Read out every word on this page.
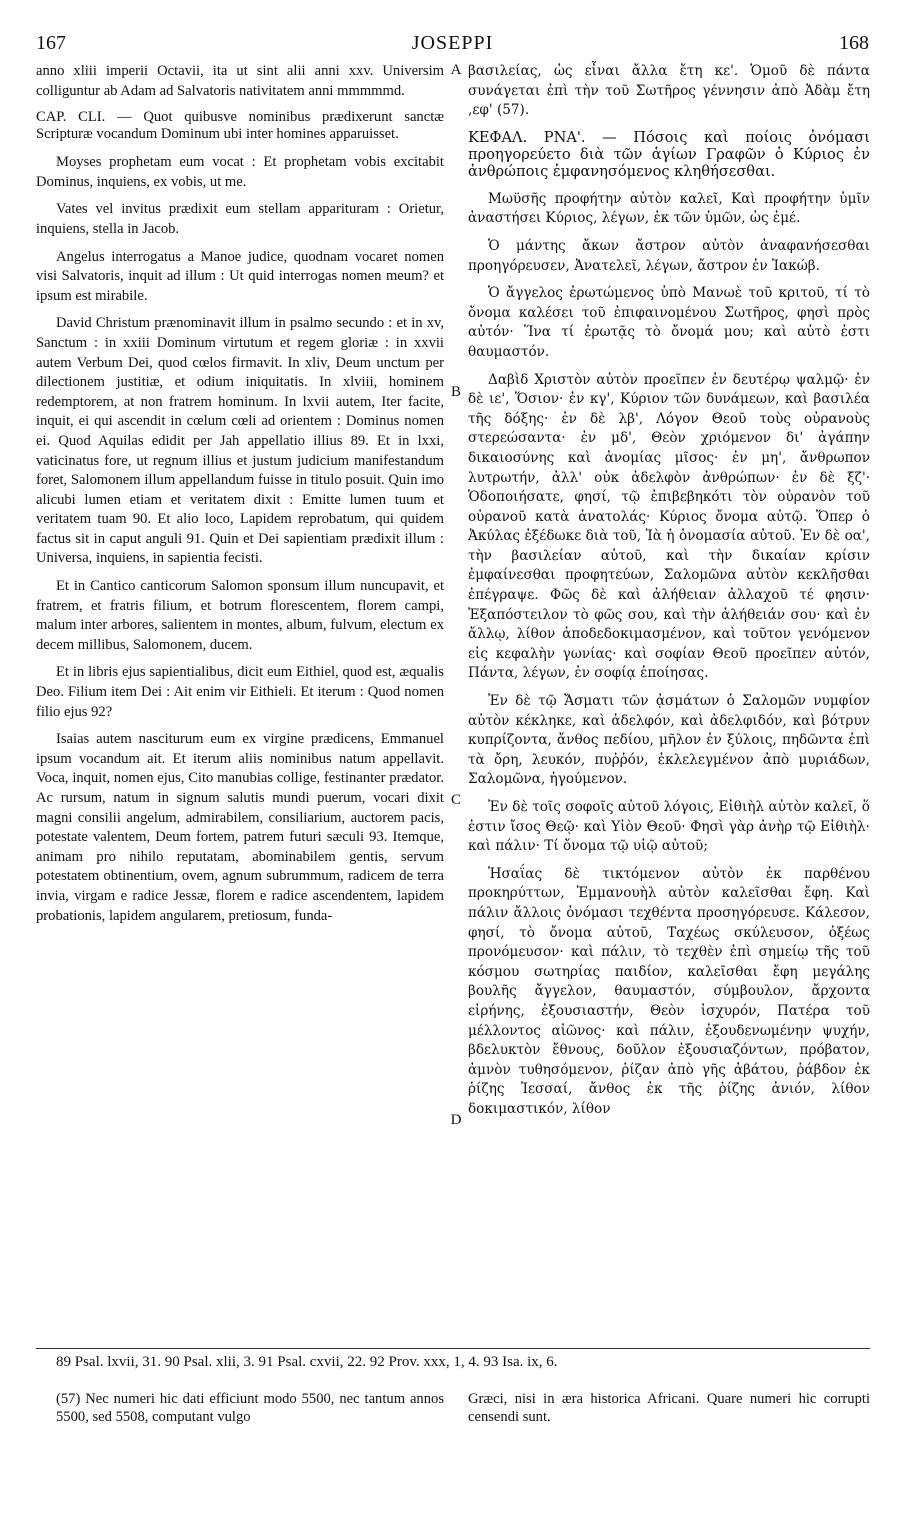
167	JOSEPPI	168

anno xliii imperii Octavii, ita ut sint alii anni xxv. Universim colliguntur ab Adam ad Salvatoris nativitatem anni mmmmmd.

CAP. CLI. — Quot quibusve nominibus prædixerunt sanctæ Scripturæ vocandum Dominum ubi inter homines apparuisset.

Moyses prophetam eum vocat : Et prophetam vobis excitabit Dominus, inquiens, ex vobis, ut me.

Vates vel invitus prædixit eum stellam apparituram : Orietur, inquiens, stella in Jacob.

Angelus interrogatus a Manoe judice, quodnam vocaret nomen visi Salvatoris, inquit ad illum : Ut quid interrogas nomen meum? et ipsum est mirabile.

David Christum prænominavit illum in psalmo secundo : et in xv, Sanctum : in xxiii Dominum virtutum et regem gloriæ : in xxvii autem Verbum Dei, quod cœlos firmavit. In xliv, Deum unctum per dilectionem justitiæ, et odium iniquitatis. In xlviii, hominem redemptorem, at non fratrem hominum. In lxvii autem, Iter facite, inquit, ei qui ascendit in cœlum cœli ad orientem : Dominus nomen ei. Quod Aquilas edidit per Jah appellatio illius 89. Et in lxxi, vaticinatus fore, ut regnum illius et justum judicium manifestandum foret, Salomonem illum appellandum fuisse in titulo posuit. Quin imo alicubi lumen etiam et veritatem dixit : Emitte lumen tuum et veritatem tuam 90. Et alio loco, Lapidem reprobatum, qui quidem factus sit in caput anguli 91. Quin et Dei sapientiam prædixit illum : Universa, inquiens, in sapientia fecisti.

Et in Cantico canticorum Salomon sponsum illum nuncupavit, et fratrem, et fratris filium, et botrum florescentem, florem campi, malum inter arbores, salientem in montes, album, fulvum, electum ex decem millibus, Salomonem, ducem.

Et in libris ejus sapientialibus, dicit eum Eithiel, quod est, æqualis Deo. Filium item Dei : Ait enim vir Eithieli. Et iterum : Quod nomen filio ejus 92?

Isaias autem nasciturum eum ex virgine prædicens, Emmanuel ipsum vocandum ait. Et iterum aliis nominibus natum appellavit. Voca, inquit, nomen ejus, Cito manubias collige, festinanter prædator. Ac rursum, natum in signum salutis mundi puerum, vocari dixit magni consilii angelum, admirabilem, consiliarium, auctorem pacis, potestate valentem, Deum fortem, patrem futuri sæculi 93. Itemque, animam pro nihilo reputatam, abominabilem gentis, servum potestatem obtinentium, ovem, agnum subrummum, radicem de terra invia, virgam e radice Jessæ, florem e radice ascendentem, lapidem probationis, lapidem angularem, pretiosum, funda-

A
B
C
D

βασιλείας, ὡς εἶναι ἄλλα ἔτη κε'. Ὁμοῦ δὲ πάντα συνάγεται ἐπὶ τὴν τοῦ Σωτῆρος γέννησιν ἀπὸ Ἀδὰμ ἔτη ,εφ' (57).

ΚΕΦΑΛ. ΡΝΑ'. — Πόσοις καὶ ποίοις ὀνόμασι προηγορεύετο διὰ τῶν ἁγίων Γραφῶν ὁ Κύριος ἐν ἀνθρώποις ἐμφανησόμενος κληθήσεσθαι.

Μωϋσῆς προφήτην αὐτὸν καλεῖ, Καὶ προφήτην ὑμῖν ἀναστήσει Κύριος, λέγων, ἐκ τῶν ὑμῶν, ὡς ἐμέ.

Ὁ μάντης ἄκων ἄστρον αὐτὸν ἀναφανήσεσθαι προηγόρευσεν, Ἀνατελεῖ, λέγων, ἄστρον ἐν Ἰακώβ.

Ὁ ἄγγελος ἐρωτώμενος ὑπὸ Μανωὲ τοῦ κριτοῦ, τί τὸ ὄνομα καλέσει τοῦ ἐπιφαινομένου Σωτῆρος, φησὶ πρὸς αὐτόν· Ἵνα τί ἐρωτᾷς τὸ ὄνομά μου; καὶ αὐτὸ ἐστι θαυμαστόν.

Δαβὶδ Χριστὸν αὐτὸν προεῖπεν ἐν δευτέρῳ ψαλμῷ· ἐν δὲ ιε', Ὅσιον· ἐν κγ', Κύριον τῶν δυνάμεων, καὶ βασιλέα τῆς δόξης· ἐν δὲ λβ', Λόγον Θεοῦ τοὺς οὐρανοὺς στερεώσαντα· ἐν μδ', Θεὸν χριόμενον δι' ἀγάπην δικαιοσύνης καὶ ἀνομίας μῖσος· ἐν μη', ἄνθρωπον λυτρωτήν, ἀλλ' οὐκ ἀδελφὸν ἀνθρώπων· ἐν δὲ ξζ'· Ὁδοποιήσατε, φησί, τῷ ἐπιβεβηκότι τὸν οὐρανὸν τοῦ οὐρανοῦ κατὰ ἀνατολάς· Κύριος ὄνομα αὐτῷ. Ὅπερ ὁ Ἀκύλας ἐξέδωκε διὰ τοῦ, Ἰὰ ἡ ὀνομασία αὐτοῦ. Ἐν δὲ οα', τὴν βασιλείαν αὐτοῦ, καὶ τὴν δικαίαν κρίσιν ἐμφαίνεσθαι προφητεύων, Σαλομῶνα αὐτὸν κεκλῆσθαι ἐπέγραψε. Φῶς δὲ καὶ ἀλήθειαν ἀλλαχοῦ τέ φησιν· Ἐξαπόστειλον τὸ φῶς σου, καὶ τὴν ἀλήθειάν σου· καὶ ἐν ἄλλῳ, λίθον ἀποδεδοκιμασμένον, καὶ τοῦτον γενόμενον εἰς κεφαλὴν γωνίας· καὶ σοφίαν Θεοῦ προεῖπεν αὐτόν, Πάντα, λέγων, ἐν σοφίᾳ ἐποίησας.

Ἐν δὲ τῷ Ἄσματι τῶν ᾀσμάτων ὁ Σαλομῶν νυμφίον αὐτὸν κέκληκε, καὶ ἀδελφόν, καὶ ἀδελφιδόν, καὶ βότρυν κυπρίζοντα, ἄνθος πεδίου, μῆλον ἐν ξύλοις, πηδῶντα ἐπὶ τὰ ὄρη, λευκόν, πυῤῥόν, ἐκλελεγμένον ἀπὸ μυριάδων, Σαλομῶνα, ἡγούμενον.

Ἐν δὲ τοῖς σοφοῖς αὐτοῦ λόγοις, Εἰθιὴλ αὐτὸν καλεῖ, ὅ ἐστιν ἴσος Θεῷ· καὶ Υἱὸν Θεοῦ· Φησὶ γὰρ ἀνὴρ τῷ Εἰθιὴλ· καὶ πάλιν· Τί ὄνομα τῷ υἱῷ αὐτοῦ;

Ἡσαΐας δὲ τικτόμενον αὐτὸν ἐκ παρθένου προκηρύττων, Ἐμμανουὴλ αὐτὸν καλεῖσθαι ἔφη. Καὶ πάλιν ἄλλοις ὀνόμασι τεχθέντα προσηγόρευσε. Κάλεσον, φησί, τὸ ὄνομα αὐτοῦ, Ταχέως σκύλευσον, ὀξέως προνόμευσον· καὶ πάλιν, τὸ τεχθὲν ἐπὶ σημείῳ τῆς τοῦ κόσμου σωτηρίας παιδίον, καλεῖσθαι ἔφη μεγάλης βουλῆς ἄγγελον, θαυμαστόν, σύμβουλον, ἄρχοντα εἰρήνης, ἐξουσιαστήν, Θεὸν ἰσχυρόν, Πατέρα τοῦ μέλλοντος αἰῶνος· καὶ πάλιν, ἐξουδενωμένην ψυχήν, βδελυκτὸν ἔθνους, δοῦλον ἐξουσιαζόντων, πρόβατον, ἀμνὸν τυθησόμενον, ῥίζαν ἀπὸ γῆς ἀβάτου, ῥάβδον ἐκ ῥίζης Ἰεσσαί, ἄνθος ἐκ τῆς ῥίζης ἀνιόν, λίθον δοκιμαστικόν, λίθον

89 Psal. lxvii, 31. 90 Psal. xlii, 3. 91 Psal. cxvii, 22. 92 Prov. xxx, 1, 4. 93 Isa. ix, 6.
(57) Nec numeri hic dati efficiunt modo 5500, nec tantum annos 5500, sed 5508, computant vulgo
Græci, nisi in æra historica Africani. Quare numeri hic corrupti censendi sunt.
